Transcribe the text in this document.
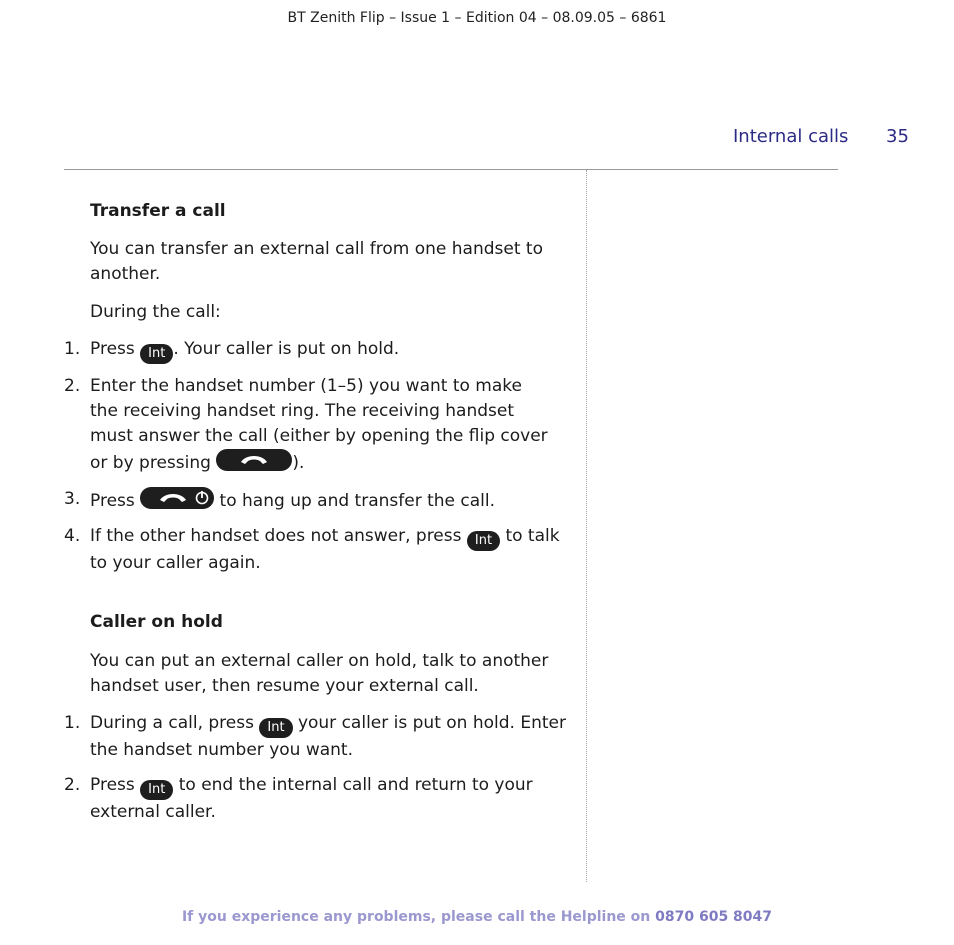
BT Zenith Flip – Issue 1 – Edition 04 – 08.09.05 – 6861
Internal calls 35
Transfer a call
You can transfer an external call from one handset to another.
During the call:
1. Press Int . Your caller is put on hold.
2. Enter the handset number (1–5) you want to make the receiving handset ring. The receiving handset must answer the call (either by opening the flip cover or by pressing	).
3. Press	to hang up and transfer the call.
4. If the other handset does not answer, press Int to talk to your caller again.
Caller on hold
You can put an external caller on hold, talk to another handset user, then resume your external call.
1. During a call, press Int your caller is put on hold. Enter the handset number you want.
2. Press Int to end the internal call and return to your external caller.
If you experience any problems, please call the Helpline on 0870 605 8047
